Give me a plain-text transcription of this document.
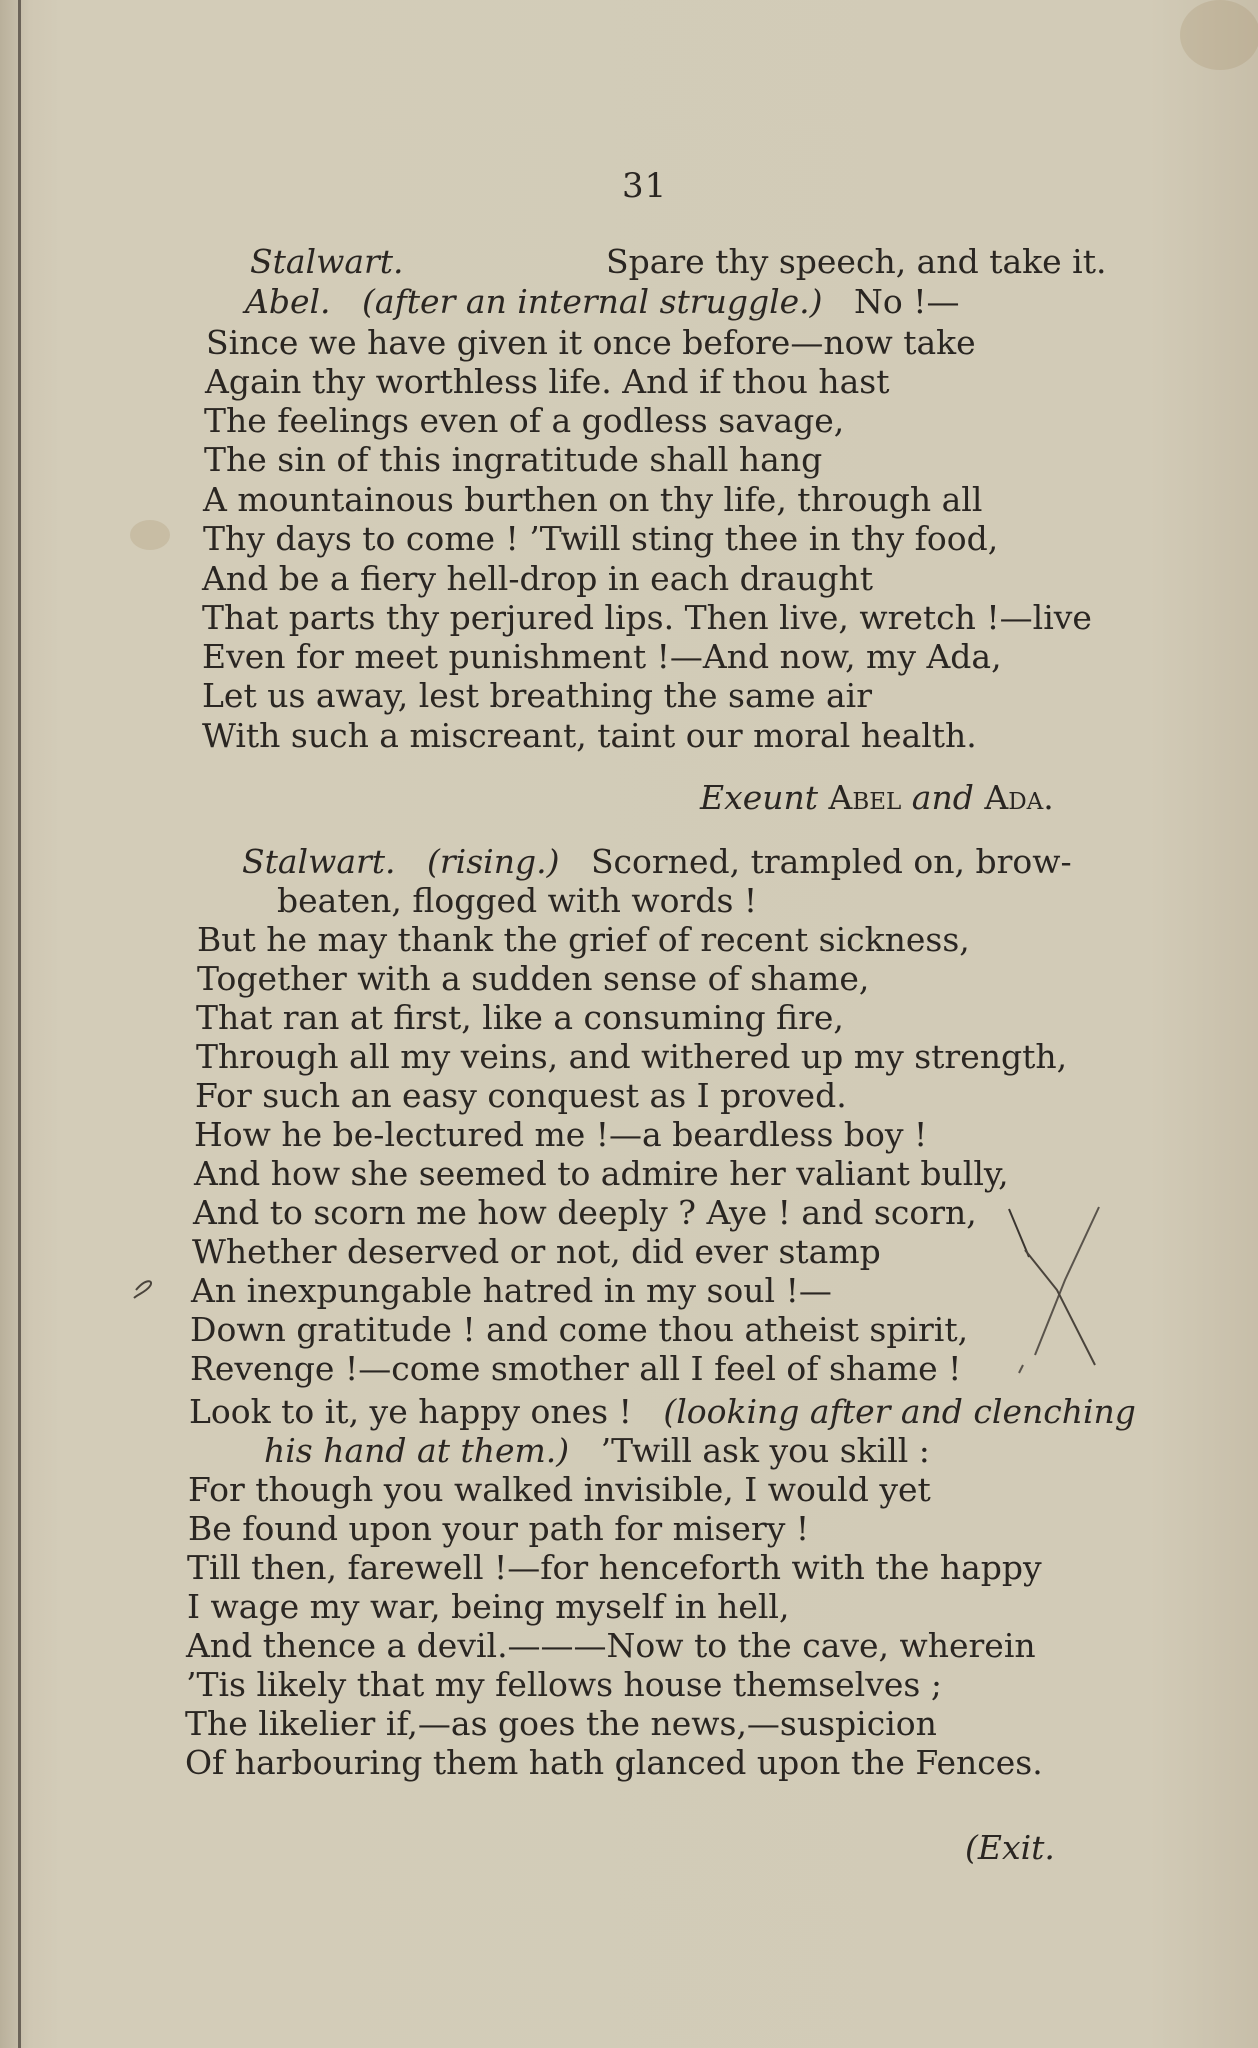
31
Stalwart.	Spare thy speech, and take it.
Abel. (after an internal struggle.) No !—
Since we have given it once before—now take
Again thy worthless life. And if thou hast
The feelings even of a godless savage,
The sin of this ingratitude shall hang
A mountainous burthen on thy life, through all
Thy days to come ! ’Twill sting thee in thy food,
And be a fiery hell-drop in each draught
That parts thy perjured lips. Then live, wretch !—live
Even for meet punishment !—And now, my Ada,
Let us away, lest breathing the same air
With such a miscreant, taint our moral health.
Exeunt Abel and Ada.
Stalwart. (rising.) Scorned, trampled on, brow-
beaten, flogged with words !
But he may thank the grief of recent sickness,
Together with a sudden sense of shame,
That ran at first, like a consuming fire,
Through all my veins, and withered up my strength,
For such an easy conquest as I proved.
How he be-lectured me !—a beardless boy !
And how she seemed to admire her valiant bully,
And to scorn me how deeply ? Aye ! and scorn,
Whether deserved or not, did ever stamp
An inexpungable hatred in my soul !—
Down gratitude ! and come thou atheist spirit,
Revenge !—come smother all I feel of shame !
Look to it, ye happy ones ! (looking after and clenching
his hand at them.) ’Twill ask you skill :
For though you walked invisible, I would yet
Be found upon your path for misery !
Till then, farewell !—for henceforth with the happy
I wage my war, being myself in hell,
And thence a devil.———Now to the cave, wherein
’Tis likely that my fellows house themselves ;
The likelier if,—as goes the news,—suspicion
Of harbouring them hath glanced upon the Fences.
(Exit.
